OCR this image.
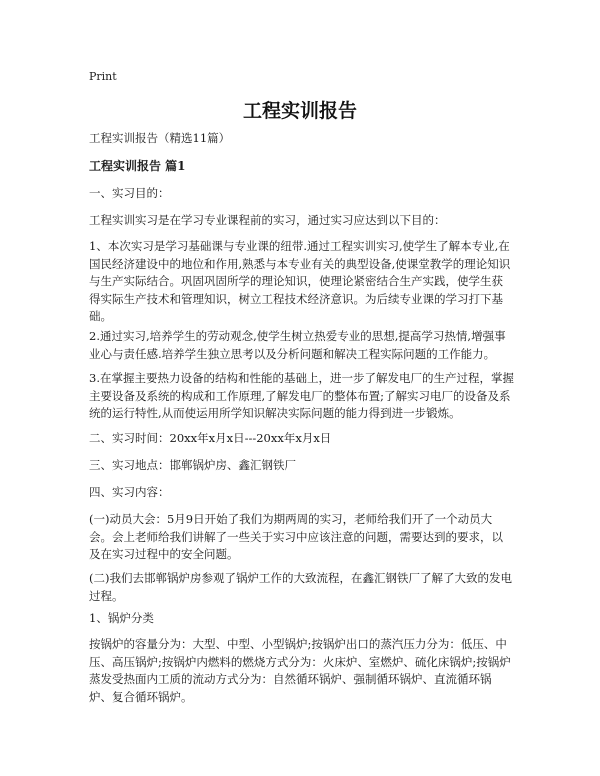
Print
工程实训报告

工程实训报告（精选11篇）

工程实训报告 篇1

一、实习目的：

工程实训实习是在学习专业课程前的实习，通过实习应达到以下目的：

1、本次实习是学习基础课与专业课的纽带.通过工程实训实习,使学生了解本专业,在国民经济建设中的地位和作用,熟悉与本专业有关的典型设备,使课堂教学的理论知识与生产实际结合。巩固巩固所学的理论知识，使理论紧密结合生产实践，使学生获得实际生产技术和管理知识，树立工程技术经济意识。为后续专业课的学习打下基础。

2.通过实习,培养学生的劳动观念,使学生树立热爱专业的思想,提高学习热情,增强事业心与责任感.培养学生独立思考以及分析问题和解决工程实际问题的工作能力。

3.在掌握主要热力设备的结构和性能的基础上，进一步了解发电厂的生产过程，掌握主要设备及系统的构成和工作原理,了解发电厂的整体布置;了解实习电厂的设备及系统的运行特性,从而使运用所学知识解决实际问题的能力得到进一步锻炼。

二、实习时间：20xx年x月x日---20xx年x月x日

三、实习地点：邯郸锅炉房、鑫汇钢铁厂

四、实习内容：

(一)动员大会：5月9日开始了我们为期两周的实习，老师给我们开了一个动员大会。会上老师给我们讲解了一些关于实习中应该注意的问题，需要达到的要求，以及在实习过程中的安全问题。

(二)我们去邯郸锅炉房参观了锅炉工作的大致流程，在鑫汇钢铁厂了解了大致的发电过程。

1、锅炉分类

按锅炉的容量分为：大型、中型、小型锅炉;按锅炉出口的蒸汽压力分为：低压、中压、高压锅炉;按锅炉内燃料的燃烧方式分为：火床炉、室燃炉、硫化床锅炉;按锅炉蒸发受热面内工质的流动方式分为：自然循环锅炉、强制循环锅炉、直流循环锅炉、复合循环锅炉。
